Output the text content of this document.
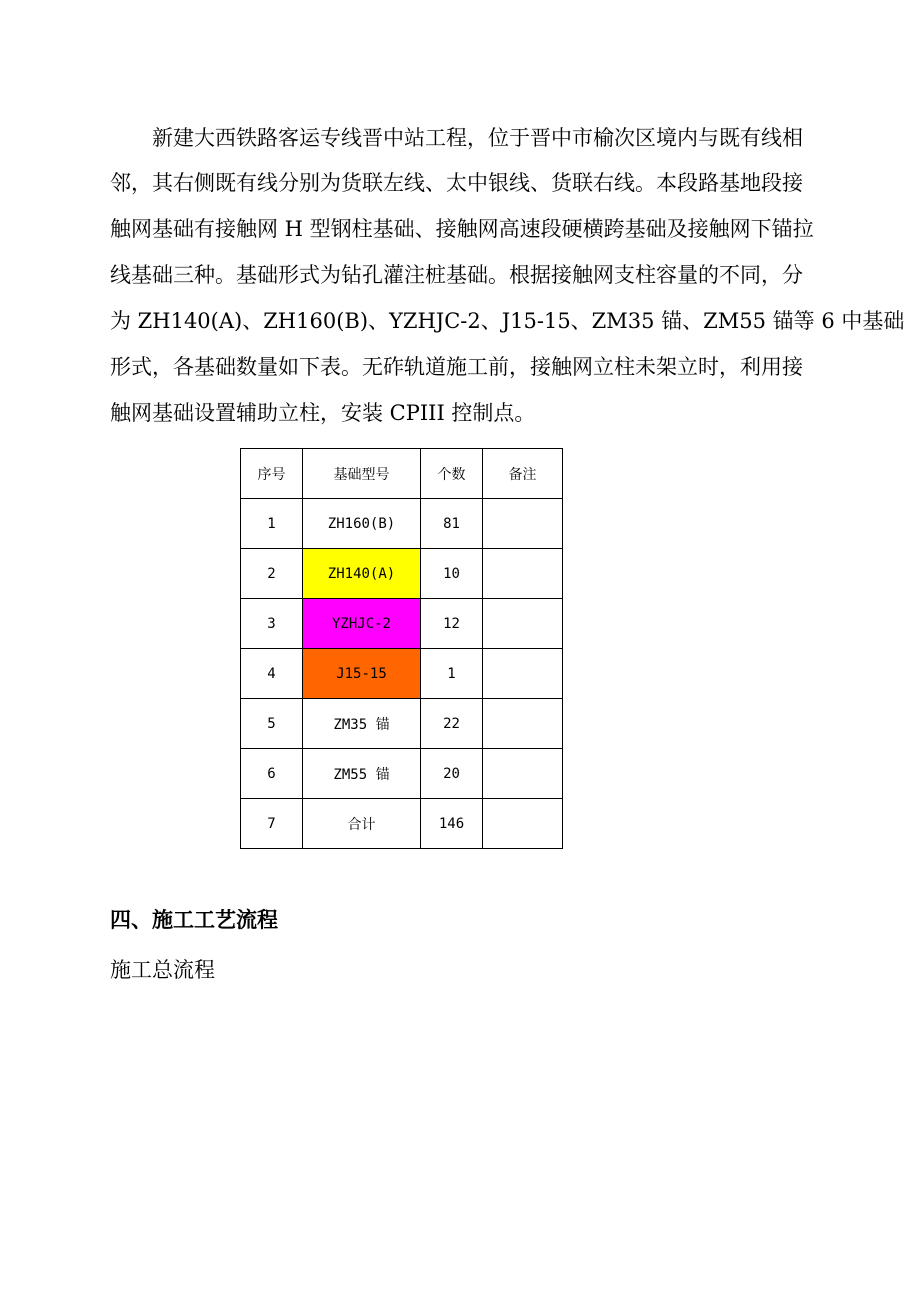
新建大西铁路客运专线晋中站工程，位于晋中市榆次区境内与既有线相
邻，其右侧既有线分别为货联左线、太中银线、货联右线。本段路基地段接
触网基础有接触网 H 型钢柱基础、接触网高速段硬横跨基础及接触网下锚拉
线基础三种。基础形式为钻孔灌注桩基础。根据接触网支柱容量的不同，分
为 ZH140(A)、ZH160(B)、YZHJC-2、J15-15、ZM35 锚、ZM55 锚等 6 中基础
形式，各基础数量如下表。无砟轨道施工前，接触网立柱未架立时，利用接
触网基础设置辅助立柱，安装 CPIII 控制点。
序号	基础型号	个数	备注
1	ZH160(B)	81	
2	ZH140(A)	10	
3	YZHJC-2	12	
4	J15-15	1	
5	ZM35 锚	22	
6	ZM55 锚	20	
7	合计	146	
四、施工工艺流程
施工总流程
